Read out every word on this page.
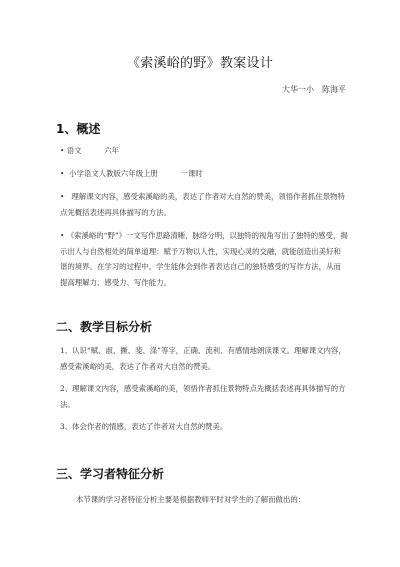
《索溪峪的野》教案设计
大华一小　陈海平
1、概述
• 语文	六年
• 小学语文人教版六年级上册	一课时
• 理解课文内容，感受索溪峪的美，表达了作者对大自然的赞美，领悟作者抓住景物特点先概括表述再具体描写的方法。
• 《索溪峪的“野”》一文写作思路清晰，脉络分明，以独特的视角写出了独特的感受，揭示出人与自然相处的简单道理：赋予万物以人性，实现心灵的交融，就能创造出美好和谐的境界。在学习的过程中，学生能体会到作者表达自己的独特感受的写作方法，从而提高理解力、感受力、写作能力。
二、教学目标分析
1、认识“赋、淑、撅、斐、涤”等字，正确、流利、有感情地朗读课文。理解课文内容，感受索溪峪的美，表达了作者对大自然的赞美。
2、理解课文内容，感受索溪峪的美，领悟作者抓住景物特点先概括表述再具体描写的方法。
3、体会作者的情感，表达了作者对大自然的赞美。
三、学习者特征分析
本节课的学习者特征分析主要是根据教师平时对学生的了解而做出的：
